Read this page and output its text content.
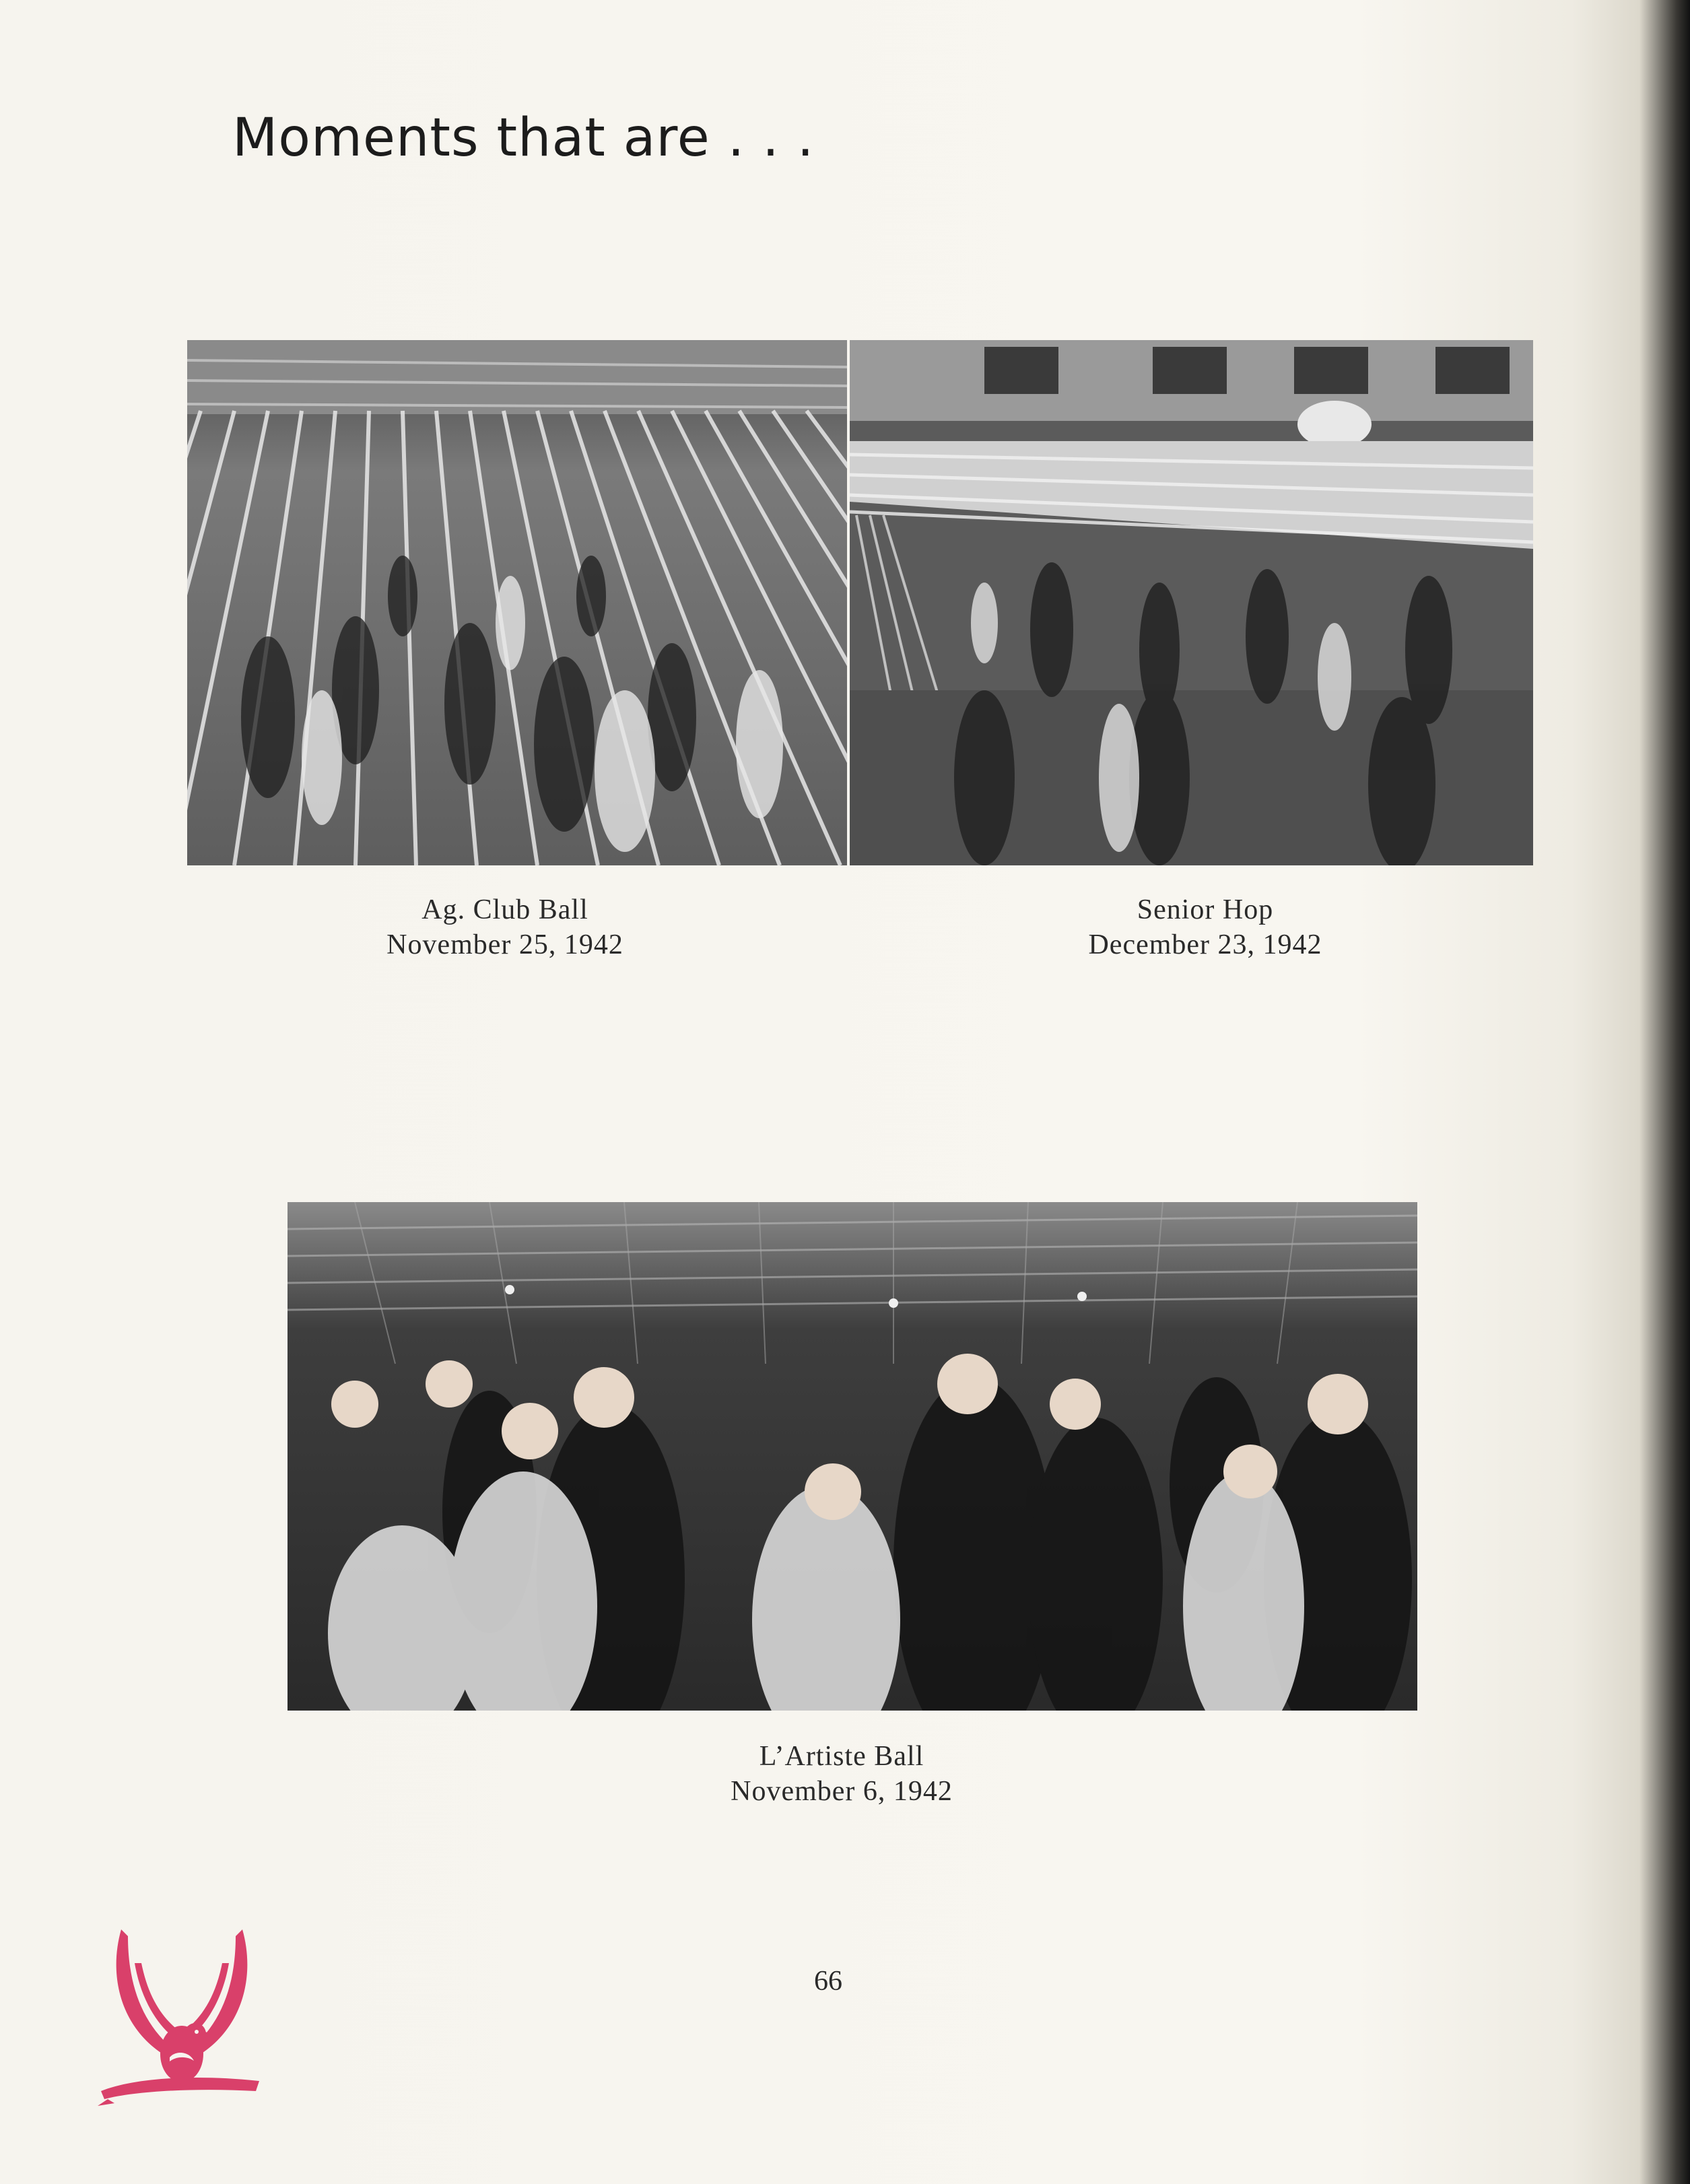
Moments that are . . .
Ag. Club Ball
November 25, 1942
Senior Hop
December 23, 1942
L’Artiste Ball
November 6, 1942
66
